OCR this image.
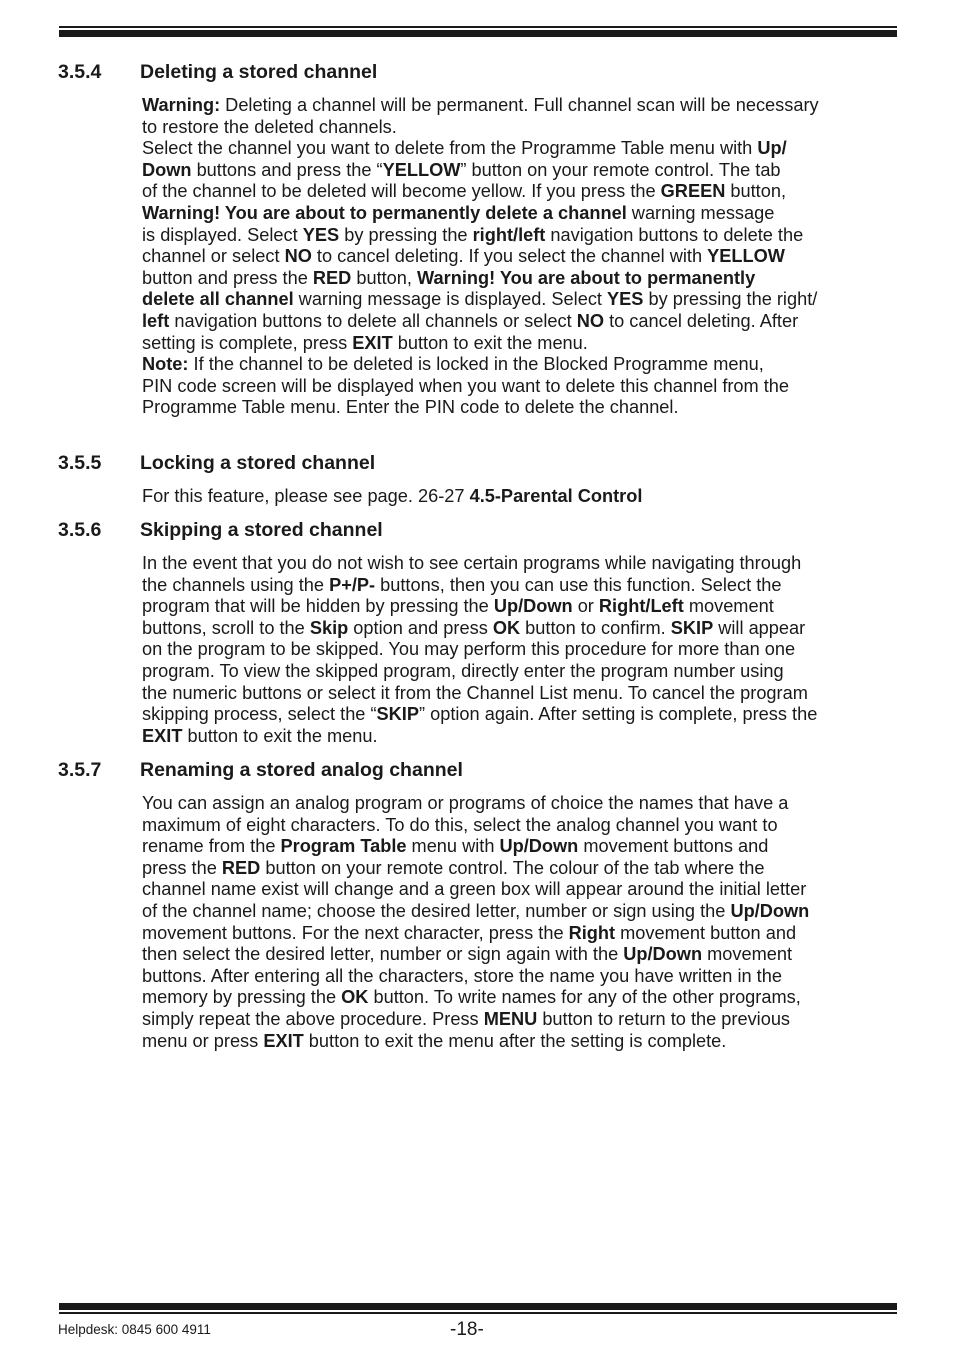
3.5.4 Deleting a stored channel

Warning: Deleting a channel will be permanent. Full channel scan will be necessary

to restore the deleted channels.

Select the channel you want to delete from the Programme Table menu with Up/

Down buttons and press the “YELLOW” button on your remote control. The tab

of the channel to be deleted will become yellow. If you press the GREEN button,

Warning! You are about to permanently delete a channel warning message

is displayed. Select YES by pressing the right/left navigation buttons to delete the

channel or select NO to cancel deleting. If you select the channel with YELLOW

button and press the RED button, Warning! You are about to permanently

delete all channel warning message is displayed. Select YES by pressing the right/

left navigation buttons to delete all channels or select NO to cancel deleting. After

setting is complete, press EXIT button to exit the menu.

Note: If the channel to be deleted is locked in the Blocked Programme menu,

PIN code screen will be displayed when you want to delete this channel from the

Programme Table menu. Enter the PIN code to delete the channel.

3.5.5 Locking a stored channel

For this feature, please see page. 26-27 4.5-Parental Control

3.5.6 Skipping a stored channel

In the event that you do not wish to see certain programs while navigating through

the channels using the P+/P- buttons, then you can use this function. Select the

program that will be hidden by pressing the Up/Down or Right/Left movement

buttons, scroll to the Skip option and press OK button to confirm. SKIP will appear

on the program to be skipped. You may perform this procedure for more than one

program. To view the skipped program, directly enter the program number using

the numeric buttons or select it from the Channel List menu. To cancel the program

skipping process, select the “SKIP” option again. After setting is complete, press the

EXIT button to exit the menu.

3.5.7 Renaming a stored analog channel

You can assign an analog program or programs of choice the names that have a

maximum of eight characters. To do this, select the analog channel you want to

rename from the Program Table menu with Up/Down movement buttons and

press the RED button on your remote control. The colour of the tab where the

channel name exist will change and a green box will appear around the initial letter

of the channel name; choose the desired letter, number or sign using the Up/Down

movement buttons. For the next character, press the Right movement button and

then select the desired letter, number or sign again with the Up/Down movement

buttons. After entering all the characters, store the name you have written in the

memory by pressing the OK button. To write names for any of the other programs,

simply repeat the above procedure. Press MENU button to return to the previous

menu or press EXIT button to exit the menu after the setting is complete.

Helpdesk: 0845 600 4911	-18-
